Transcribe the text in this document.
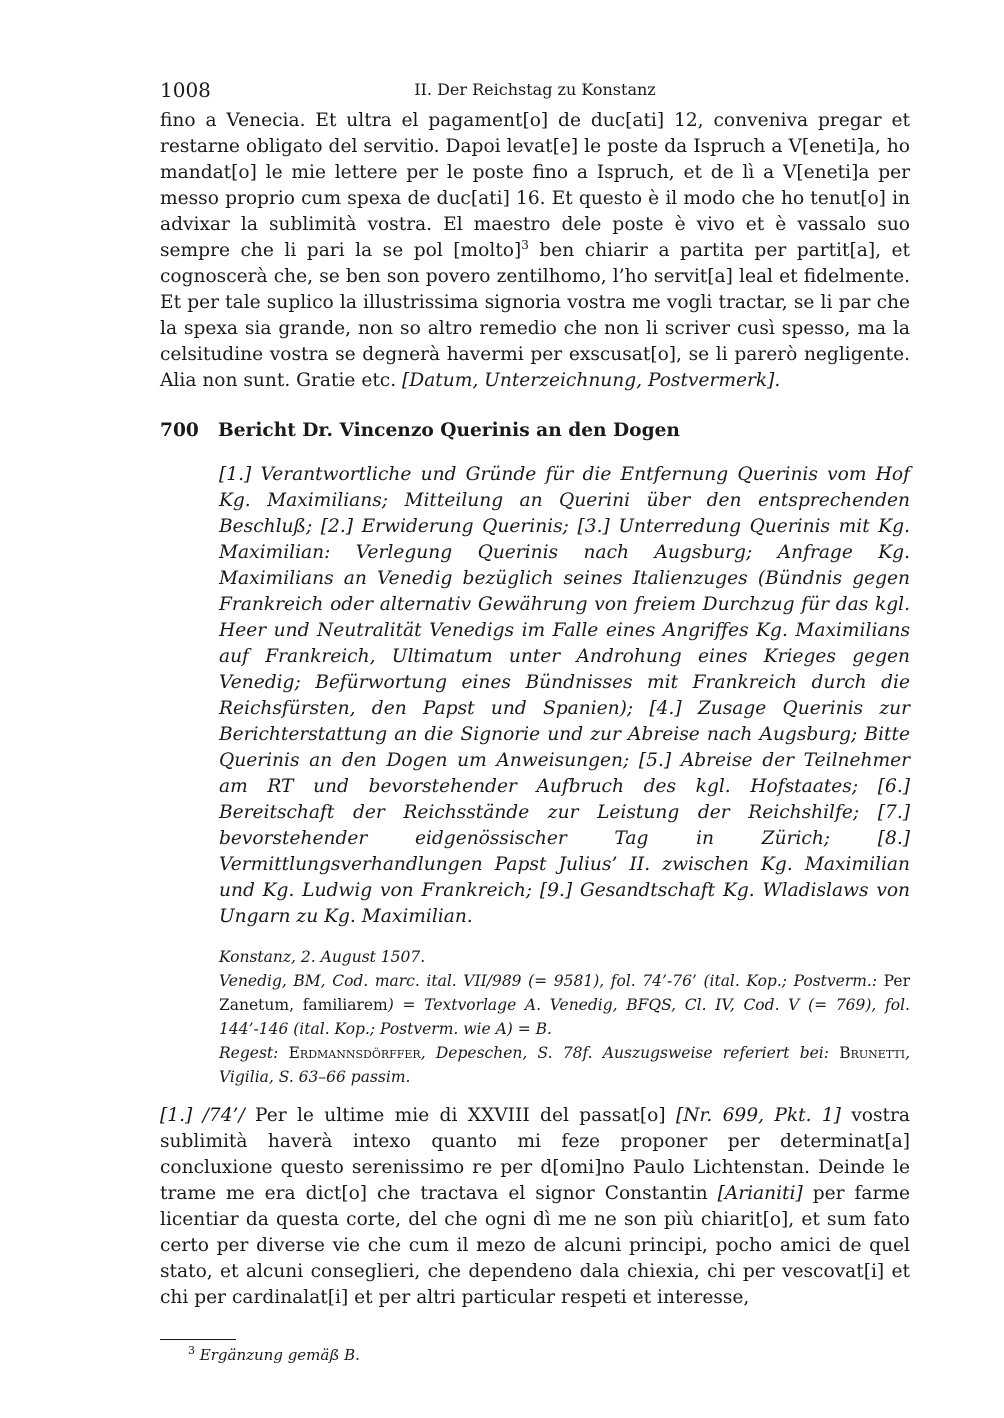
1008	II. Der Reichstag zu Konstanz

fino a Venecia. Et ultra el pagament[o] de duc[ati] 12, conveniva pregar et restarne obligato del servitio. Dapoi levat[e] le poste da Ispruch a V[eneti]a, ho mandat[o] le mie lettere per le poste fino a Ispruch, et de lì a V[eneti]a per messo proprio cum spexa de duc[ati] 16. Et questo è il modo che ho tenut[o] in advixar la sublimità vostra. El maestro dele poste è vivo et è vassalo suo sempre che li pari la se pol [molto]$^3$ ben chiarir a partita per partit[a], et cognoscerà che, se ben son povero zentilhomo, l’ho servit[a] leal et fidelmente. Et per tale suplico la illustrissima signoria vostra me vogli tractar, se li par che la spexa sia grande, non so altro remedio che non li scriver cusì spesso, ma la celsitudine vostra se degnerà havermi per exscusat[o], se li parerò negligente. Alia non sunt. Gratie etc. [Datum, Unterzeichnung, Postvermerk].

700 Bericht Dr. Vincenzo Querinis an den Dogen

[1.] Verantwortliche und Gründe für die Entfernung Querinis vom Hof Kg. Maximilians; Mitteilung an Querini über den entsprechenden Beschluß; [2.] Erwiderung Querinis; [3.] Unterredung Querinis mit Kg. Maximilian: Verlegung Querinis nach Augsburg; Anfrage Kg. Maximilians an Venedig bezüglich seines Italienzuges (Bündnis gegen Frankreich oder alternativ Gewährung von freiem Durchzug für das kgl. Heer und Neutralität Venedigs im Falle eines Angriffes Kg. Maximilians auf Frankreich, Ultimatum unter Androhung eines Krieges gegen Venedig; Befürwortung eines Bündnisses mit Frankreich durch die Reichsfürsten, den Papst und Spanien); [4.] Zusage Querinis zur Berichterstattung an die Signorie und zur Abreise nach Augsburg; Bitte Querinis an den Dogen um Anweisungen; [5.] Abreise der Teilnehmer am RT und bevorstehender Aufbruch des kgl. Hofstaates; [6.] Bereitschaft der Reichsstände zur Leistung der Reichshilfe; [7.] bevorstehender eidgenössischer Tag in Zürich; [8.] Vermittlungsverhandlungen Papst Julius’ II. zwischen Kg. Maximilian und Kg. Ludwig von Frankreich; [9.] Gesandtschaft Kg. Wladislaws von Ungarn zu Kg. Maximilian.

Konstanz, 2. August 1507.
Venedig, BM, Cod. marc. ital. VII/989 (= 9581), fol. 74’-76’ (ital. Kop.; Postverm.: Per Zanetum, familiarem) = Textvorlage A. Venedig, BFQS, Cl. IV, Cod. V (= 769), fol. 144’-146 (ital. Kop.; Postverm. wie A) = B.
Regest: Erdmannsdörffer, Depeschen, S. 78f. Auszugsweise referiert bei: Brunetti, Vigilia, S. 63–66 passim.

[1.] /74’/ Per le ultime mie di XXVIII del passat[o] [Nr. 699, Pkt. 1] vostra sublimità haverà intexo quanto mi feze proponer per determinat[a] concluxione questo serenissimo re per d[omi]no Paulo Lichtenstan. Deinde le trame me era dict[o] che tractava el signor Constantin [Arianiti] per farme licentiar da questa corte, del che ogni dì me ne son più chiarit[o], et sum fato certo per diverse vie che cum il mezo de alcuni principi, pocho amici de quel stato, et alcuni conseglieri, che dependeno dala chiexia, chi per vescovat[i] et chi per cardinalat[i] et per altri particular respeti et interesse,

$^3$ Ergänzung gemäß B.
